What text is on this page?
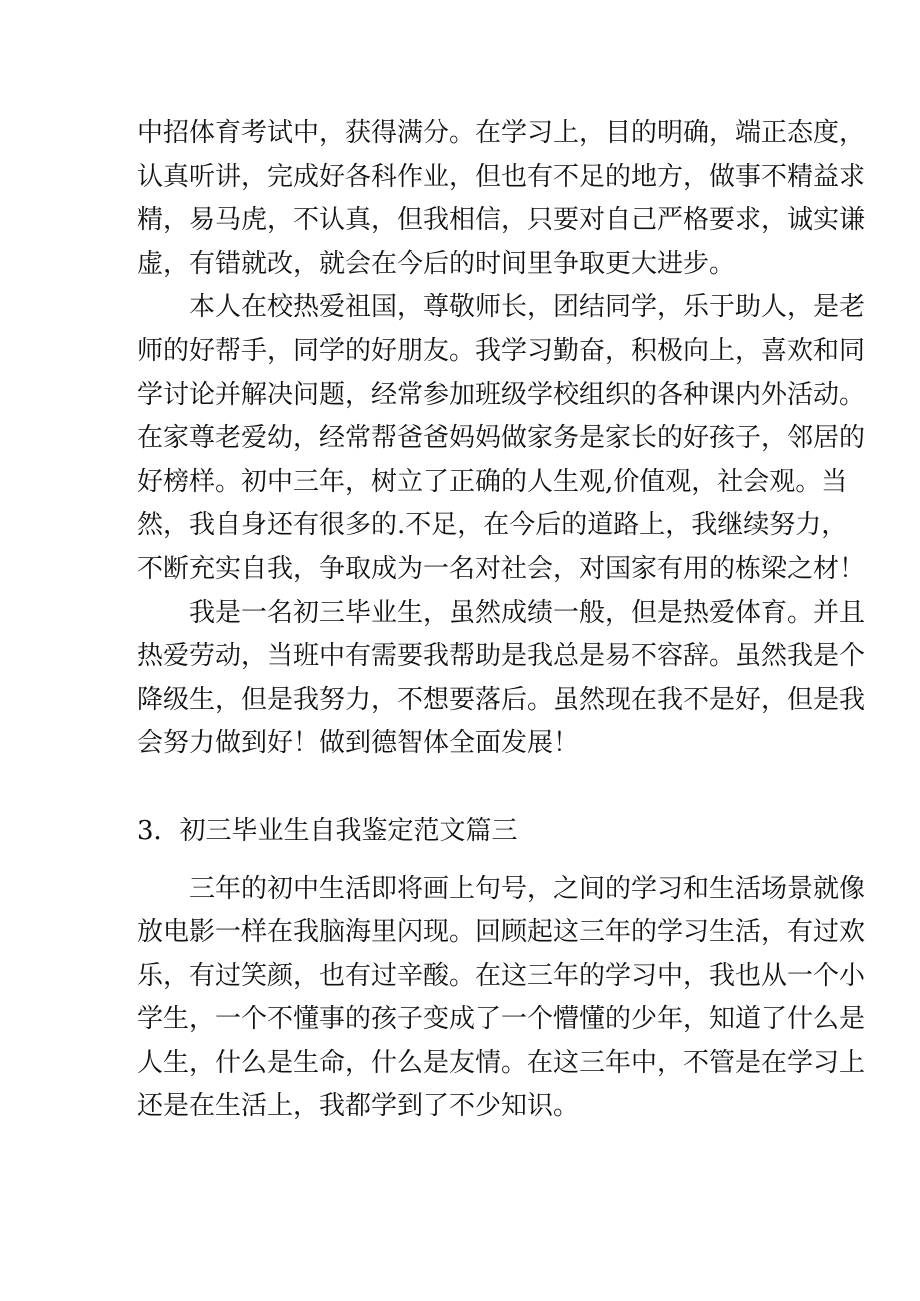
中招体育考试中，获得满分。在学习上，目的明确，端正态度，
认真听讲，完成好各科作业，但也有不足的地方，做事不精益求
精，易马虎，不认真，但我相信，只要对自己严格要求，诚实谦
虚，有错就改，就会在今后的时间里争取更大进步。
本人在校热爱祖国，尊敬师长，团结同学，乐于助人，是老
师的好帮手，同学的好朋友。我学习勤奋，积极向上，喜欢和同
学讨论并解决问题，经常参加班级学校组织的各种课内外活动。
在家尊老爱幼，经常帮爸爸妈妈做家务是家长的好孩子，邻居的
好榜样。初中三年，树立了正确的人生观,价值观，社会观。当
然，我自身还有很多的.不足，在今后的道路上，我继续努力，
不断充实自我，争取成为一名对社会，对国家有用的栋梁之材！
我是一名初三毕业生，虽然成绩一般，但是热爱体育。并且
热爱劳动，当班中有需要我帮助是我总是易不容辞。虽然我是个
降级生，但是我努力，不想要落后。虽然现在我不是好，但是我
会努力做到好！做到德智体全面发展！
3．初三毕业生自我鉴定范文篇三
三年的初中生活即将画上句号，之间的学习和生活场景就像
放电影一样在我脑海里闪现。回顾起这三年的学习生活，有过欢
乐，有过笑颜，也有过辛酸。在这三年的学习中，我也从一个小
学生，一个不懂事的孩子变成了一个懵懂的少年，知道了什么是
人生，什么是生命，什么是友情。在这三年中，不管是在学习上
还是在生活上，我都学到了不少知识。
